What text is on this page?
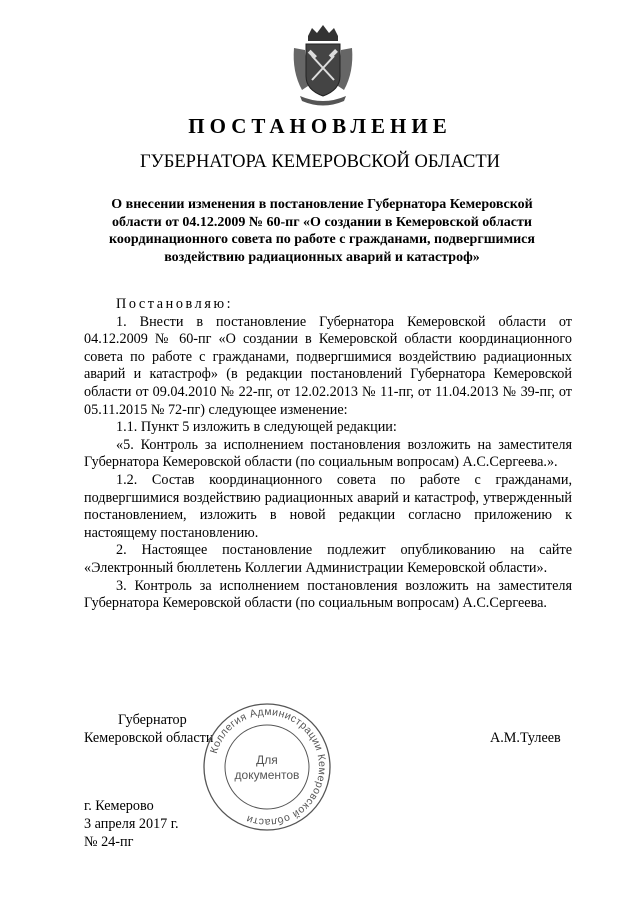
ПОСТАНОВЛЕНИЕ
ГУБЕРНАТОРА КЕМЕРОВСКОЙ ОБЛАСТИ
О внесении изменения в постановление Губернатора Кемеровской области от 04.12.2009 № 60-пг «О создании в Кемеровской области координационного совета по работе с гражданами, подвергшимися воздействию радиационных аварий и катастроф»

Постановляю:

1. Внести в постановление Губернатора Кемеровской области от 04.12.2009 № 60-пг «О создании в Кемеровской области координационного совета по работе с гражданами, подвергшимися воздействию радиационных аварий и катастроф» (в редакции постановлений Губернатора Кемеровской области от 09.04.2010 № 22-пг, от 12.02.2013 № 11-пг, от 11.04.2013 № 39-пг, от 05.11.2015 № 72-пг) следующее изменение:

1.1. Пункт 5 изложить в следующей редакции:

«5. Контроль за исполнением постановления возложить на заместителя Губернатора Кемеровской области (по социальным вопросам) А.С.Сергеева.».

1.2. Состав координационного совета по работе с гражданами, подвергшимися воздействию радиационных аварий и катастроф, утвержденный постановлением, изложить в новой редакции согласно приложению к настоящему постановлению.

2. Настоящее постановление подлежит опубликованию на сайте «Электронный бюллетень Коллегии Администрации Кемеровской области».

3. Контроль за исполнением постановления возложить на заместителя Губернатора Кемеровской области (по социальным вопросам) А.С.Сергеева.

Губернатор
Кемеровской области	А.М.Тулеев
Коллегия Администрации Кемеровской области
Для
документов
г. Кемерово
3 апреля 2017 г.
№ 24-пг
